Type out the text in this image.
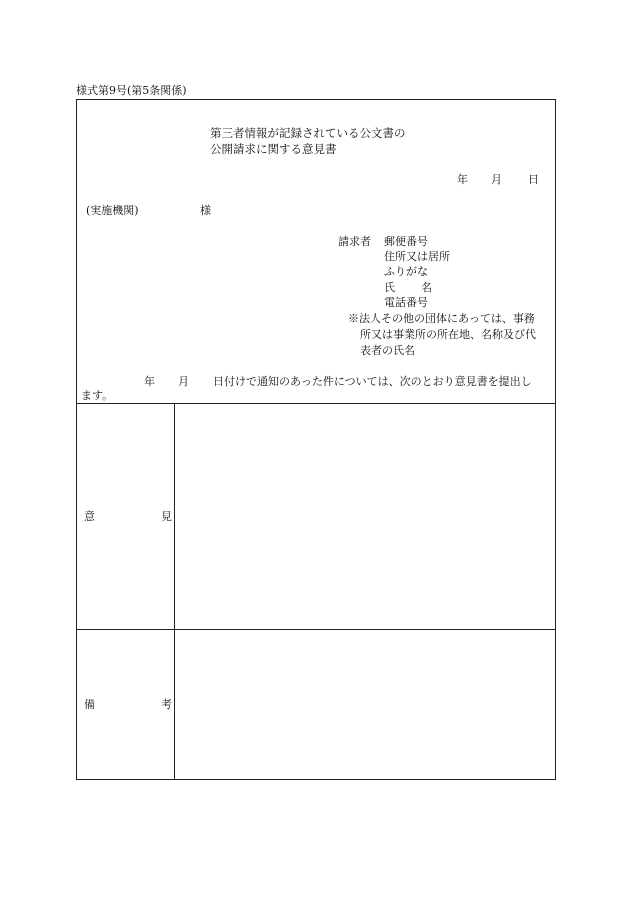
様式第9号(第5条関係)
第三者情報が記録されている公文書の
公開請求に関する意見書
年 月 日
(実施機関)	様
請求者 郵便番号
住所又は居所
ふりがな
氏 名
電話番号
※法人その他の団体にあっては、事務
所又は事業所の所在地、名称及び代
表者の氏名
年 月 日付けで通知のあった件については、次のとおり意見書を提出し
ます。
意	見
備	考
